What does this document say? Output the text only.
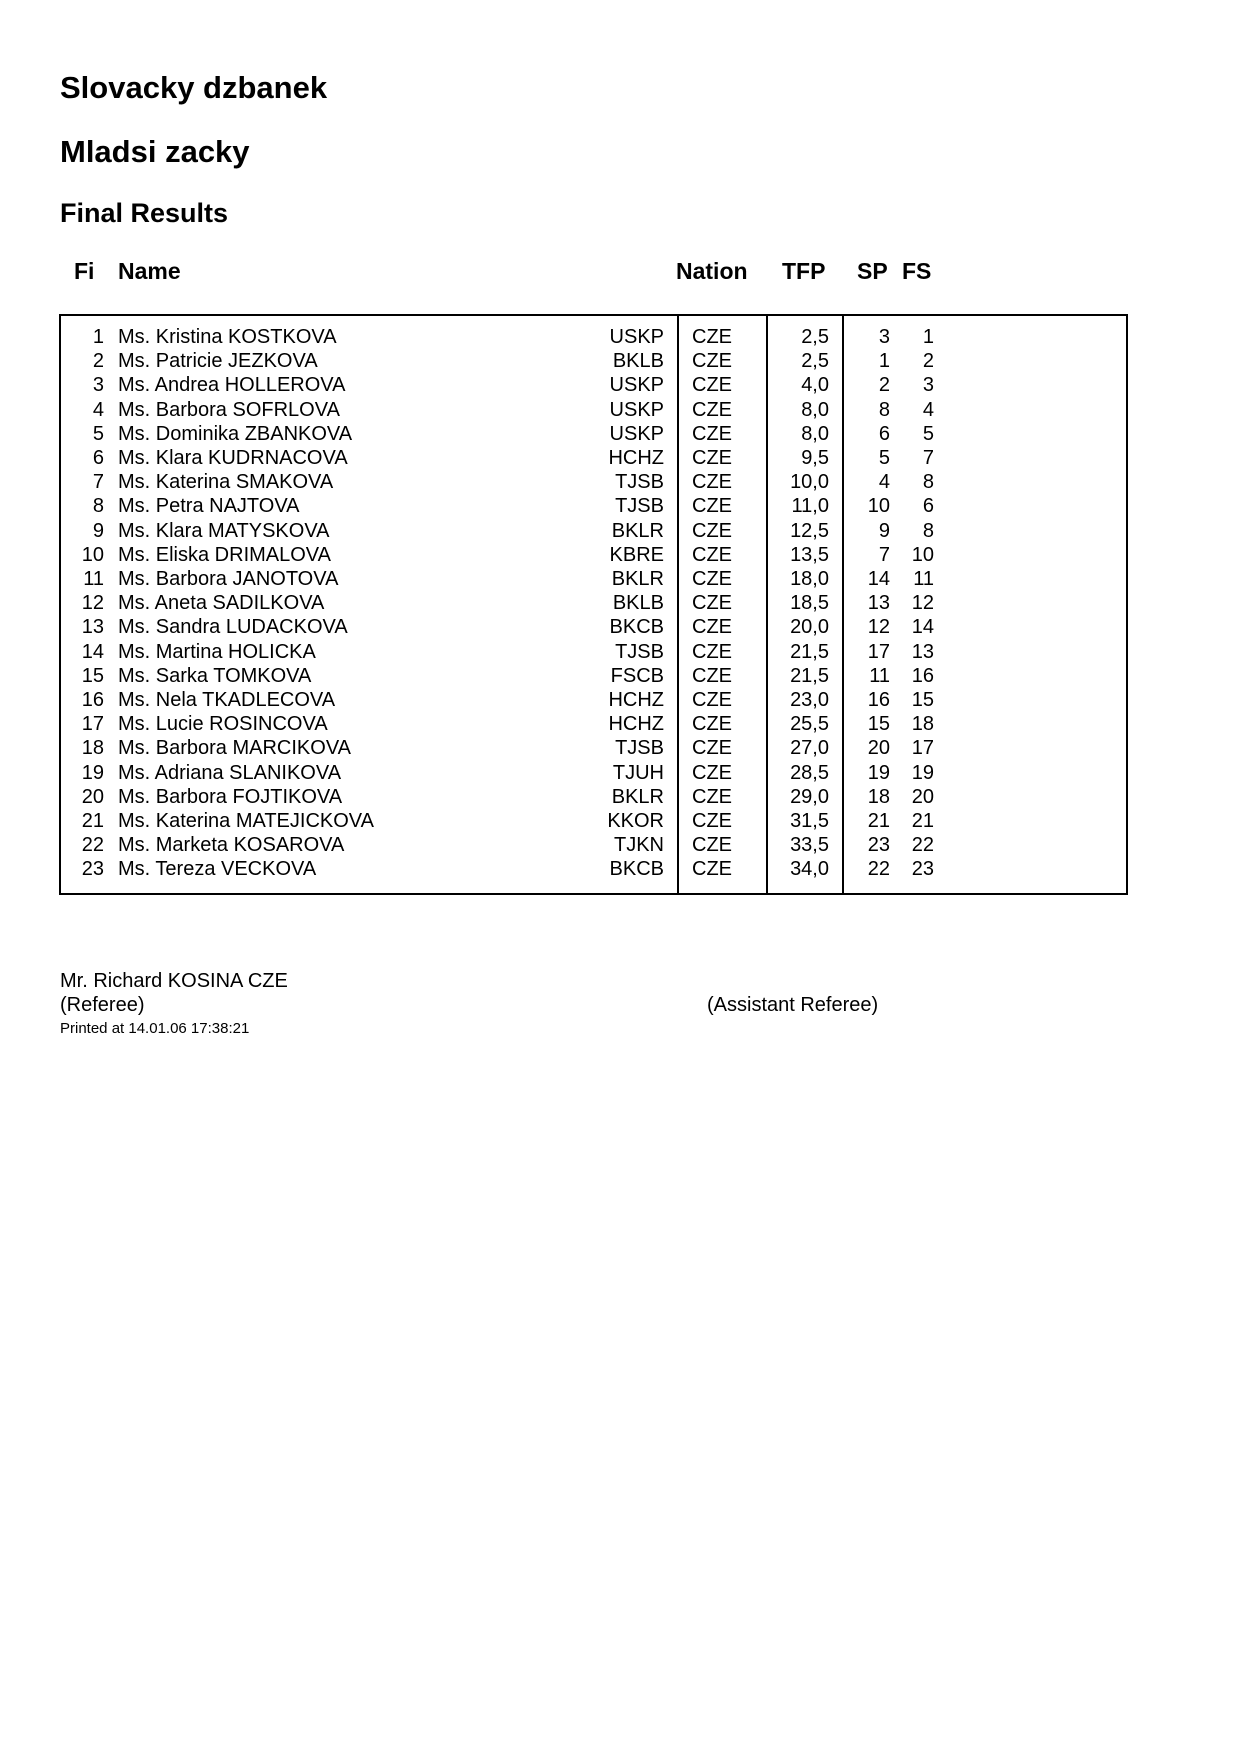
Slovacky dzbanek
Mladsi zacky
Final Results
Fi Name	Nation TFP SP FS
1 Ms. Kristina KOSTKOVA	USKP CZE	2,5 3 1
2 Ms. Patricie JEZKOVA	BKLB CZE	2,5 1 2
3 Ms. Andrea HOLLEROVA	USKP CZE	4,0 2 3
4 Ms. Barbora SOFRLOVA	USKP CZE	8,0 8 4
5 Ms. Dominika ZBANKOVA	USKP CZE	8,0 6 5
6 Ms. Klara KUDRNACOVA	HCHZ CZE	9,5 5 7
7 Ms. Katerina SMAKOVA	TJSB CZE	10,0 4 8
8 Ms. Petra NAJTOVA	TJSB CZE	11,0 10 6
9 Ms. Klara MATYSKOVA	BKLR CZE	12,5 9 8
10 Ms. Eliska DRIMALOVA	KBRE CZE	13,5 7 10
11 Ms. Barbora JANOTOVA	BKLR CZE	18,0 14 11
12 Ms. Aneta SADILKOVA	BKLB CZE	18,5 13 12
13 Ms. Sandra LUDACKOVA	BKCB CZE	20,0 12 14
14 Ms. Martina HOLICKA	TJSB CZE	21,5 17 13
15 Ms. Sarka TOMKOVA	FSCB CZE	21,5 11 16
16 Ms. Nela TKADLECOVA	HCHZ CZE	23,0 16 15
17 Ms. Lucie ROSINCOVA	HCHZ CZE	25,5 15 18
18 Ms. Barbora MARCIKOVA	TJSB CZE	27,0 20 17
19 Ms. Adriana SLANIKOVA	TJUH CZE	28,5 19 19
20 Ms. Barbora FOJTIKOVA	BKLR CZE	29,0 18 20
21 Ms. Katerina MATEJICKOVA	KKOR CZE	31,5 21 21
22 Ms. Marketa KOSAROVA	TJKN CZE	33,5 23 22
23 Ms. Tereza VECKOVA	BKCB CZE	34,0 22 23
Mr. Richard KOSINA CZE
(Referee)	(Assistant Referee)
Printed at 14.01.06 17:38:21
